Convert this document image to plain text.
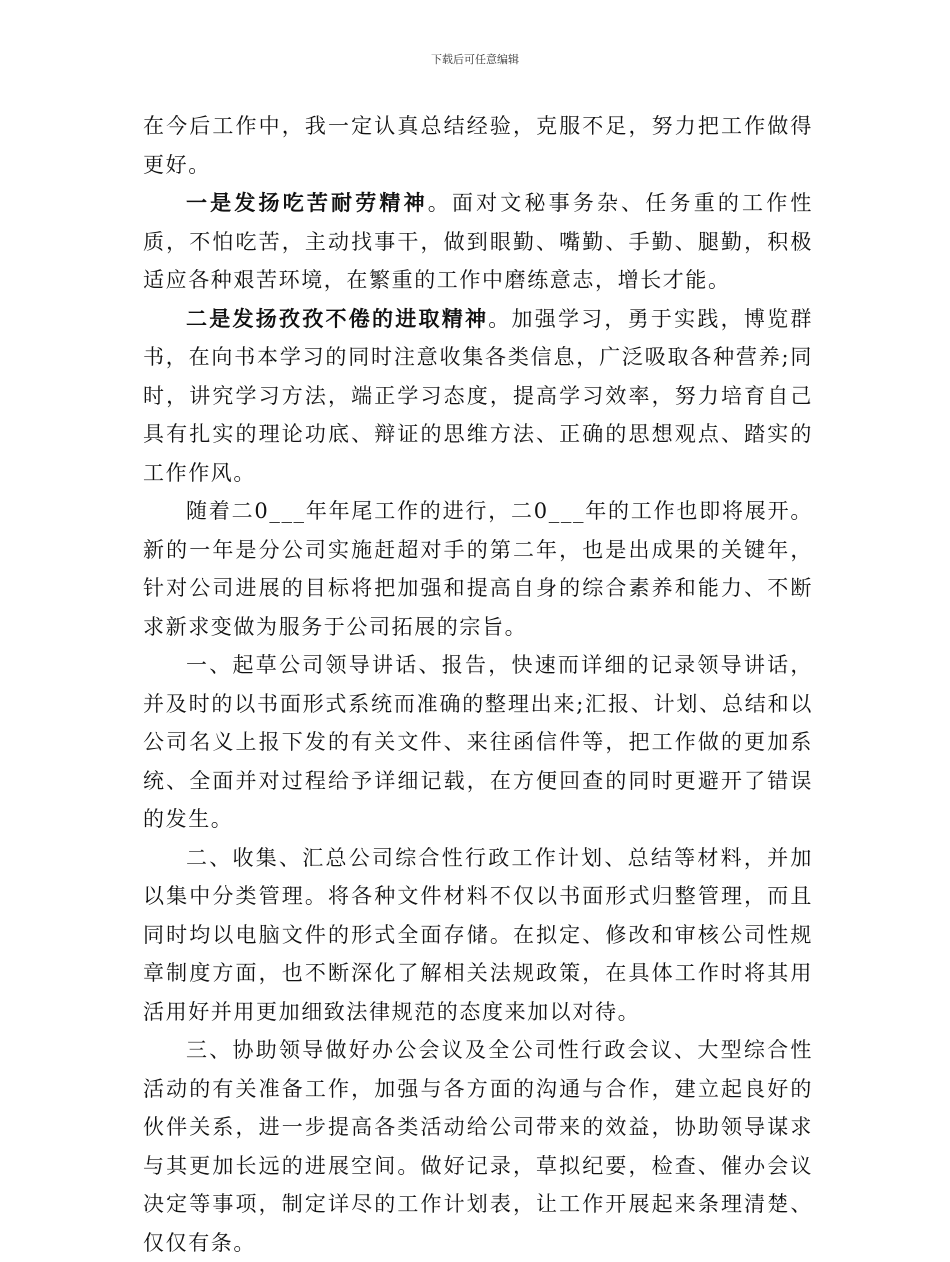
下载后可任意编辑

在今后工作中，我一定认真总结经验，克服不足，努力把工作做得更好。

一是发扬吃苦耐劳精神。面对文秘事务杂、任务重的工作性质，不怕吃苦，主动找事干，做到眼勤、嘴勤、手勤、腿勤，积极适应各种艰苦环境，在繁重的工作中磨练意志，增长才能。

二是发扬孜孜不倦的进取精神。加强学习，勇于实践，博览群书，在向书本学习的同时注意收集各类信息，广泛吸取各种营养;同时，讲究学习方法，端正学习态度，提高学习效率，努力培育自己具有扎实的理论功底、辩证的思维方法、正确的思想观点、踏实的工作作风。

随着二0___年年尾工作的进行，二0___年的工作也即将展开。新的一年是分公司实施赶超对手的第二年，也是出成果的关键年，针对公司进展的目标将把加强和提高自身的综合素养和能力、不断求新求变做为服务于公司拓展的宗旨。

一、起草公司领导讲话、报告，快速而详细的记录领导讲话，并及时的以书面形式系统而准确的整理出来;汇报、计划、总结和以公司名义上报下发的有关文件、来往函信件等，把工作做的更加系统、全面并对过程给予详细记载，在方便回查的同时更避开了错误的发生。

二、收集、汇总公司综合性行政工作计划、总结等材料，并加以集中分类管理。将各种文件材料不仅以书面形式归整管理，而且同时均以电脑文件的形式全面存储。在拟定、修改和审核公司性规章制度方面，也不断深化了解相关法规政策，在具体工作时将其用活用好并用更加细致法律规范的态度来加以对待。

三、协助领导做好办公会议及全公司性行政会议、大型综合性活动的有关准备工作，加强与各方面的沟通与合作，建立起良好的伙伴关系，进一步提高各类活动给公司带来的效益，协助领导谋求与其更加长远的进展空间。做好记录，草拟纪要，检查、催办会议决定等事项，制定详尽的工作计划表，让工作开展起来条理清楚、仅仅有条。
